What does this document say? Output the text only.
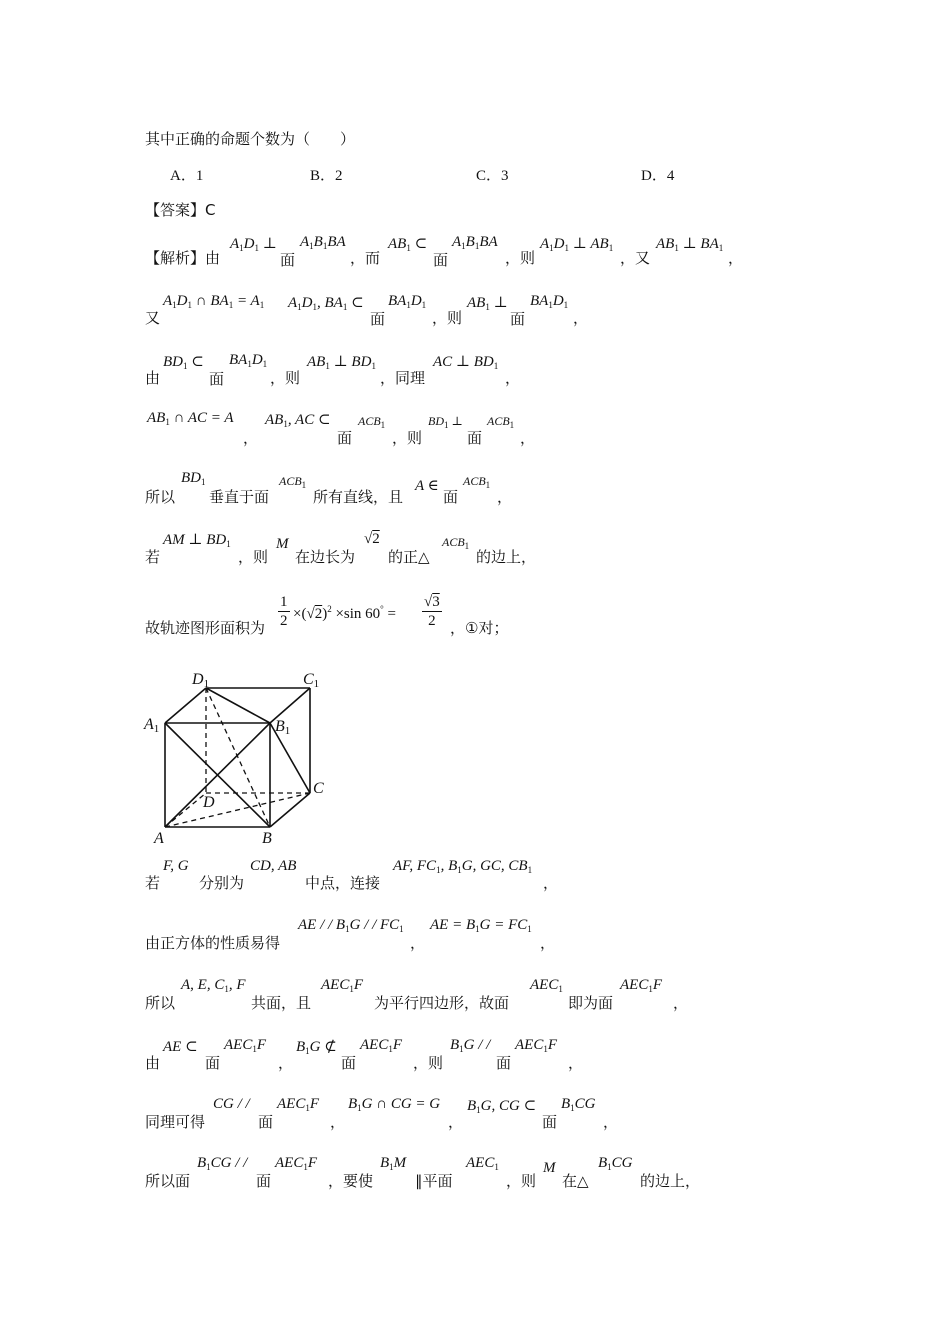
其中正确的命题个数为（　　）
A．1	B．2	C．3	D．4
【答案】C
【解析】由
$A_1D_1$ ⊥
面
$A_1B_1BA$
，而
$AB_1$ ⊂
面
$A_1B_1BA$
，则
$A_1D_1$ ⊥ $AB_1$
，又
$AB_1$ ⊥ $BA_1$
，
又
$A_1D_1$ ∩ $BA_1 = A_1$ $A_1D_1$, $BA_1$ ⊂
面
$BA_1D_1$
，则
$AB_1$ ⊥
面
$BA_1D_1$
，
由
$BD_1$ ⊂
面
$BA_1D_1$
，则
$AB_1$ ⊥ $BD_1$
，同理
AC ⊥ $BD_1$
，
$AB_1$ ∩ AC = A
，
$AB_1$, AC ⊂
面
$ACB_1$
，则
$BD_1$ ⊥
面
$ACB_1$
，
所以
$BD_1$
垂直于面
$ACB_1$
所有直线，且
A ∈
面
$ACB_1$
，
若
AM ⊥ $BD_1$
，则
M
在边长为
√2
的正△
$ACB_1$
的边上，
故轨迹图形面积为 $\frac{1}{2} \times(√2)^2 \times\sin$ $60^\circ = \frac{√3}{2}$ ，①对；
D1	C1
A1	B1
D
C
A	B
若
F, G
分别为
CD, AB
中点，连接
AF, $FC_1$, $B_1G$, GC, $CB_1$
，
由正方体的性质易得
AE / / $B_1G$ / / $FC_1$
，
AE = $B_1G = FC_1$
，
所以
A, E, $C_1$, F
共面，且
$AEC_1F$
为平行四边形，故面
$AEC_1$
即为面
$AEC_1F$
，
由
AE ⊂
面
$AEC_1F$
，
$B_1G$ ⊄
面
$AEC_1F$
，则
$B_1G$ / /
面
$AEC_1F$
，
同理可得
CG / /
面
$AEC_1F$
，
$B_1G$ ∩ CG = G
，
$B_1G$, CG ⊂
面
$B_1CG$
，
所以面
$B_1CG$ / /
面
$AEC_1F$
，要使
$B_1M$
∥平面
$AEC_1$
，则
M
在△
$B_1CG$
的边上，
